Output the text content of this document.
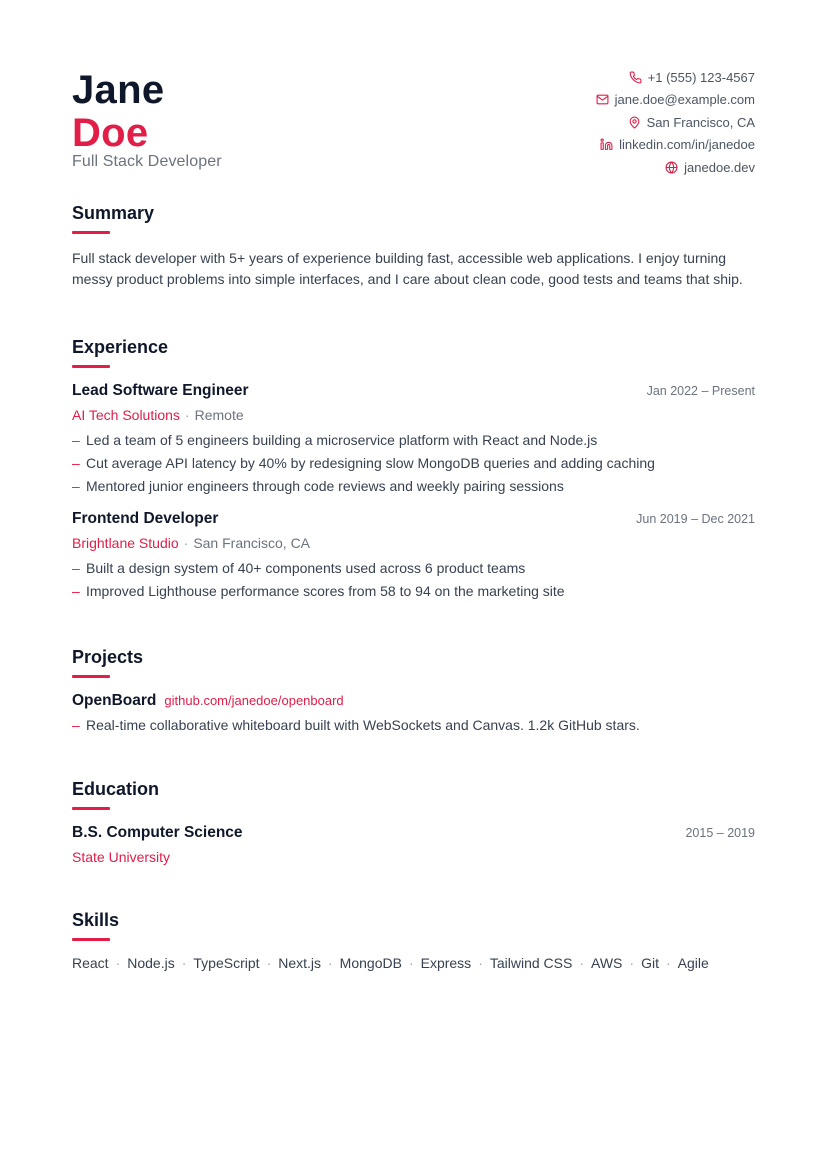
Jane
Doe
Full Stack Developer
+1 (555) 123-4567
jane.doe@example.com
San Francisco, CA
linkedin.com/in/janedoe
janedoe.dev
Summary
Full stack developer with 5+ years of experience building fast, accessible web applications. I enjoy turning messy product problems into simple interfaces, and I care about clean code, good tests and teams that ship.
Experience
Lead Software Engineer	Jan 2022 – Present
AI Tech Solutions · Remote
– Led a team of 5 engineers building a microservice platform with React and Node.js
– Cut average API latency by 40% by redesigning slow MongoDB queries and adding caching
– Mentored junior engineers through code reviews and weekly pairing sessions
Frontend Developer	Jun 2019 – Dec 2021
Brightlane Studio · San Francisco, CA
– Built a design system of 40+ components used across 6 product teams
– Improved Lighthouse performance scores from 58 to 94 on the marketing site
Projects
OpenBoard github.com/janedoe/openboard
– Real-time collaborative whiteboard built with WebSockets and Canvas. 1.2k GitHub stars.
Education
B.S. Computer Science	2015 – 2019
State University
Skills
React · Node.js · TypeScript · Next.js · MongoDB · Express · Tailwind CSS · AWS · Git · Agile
